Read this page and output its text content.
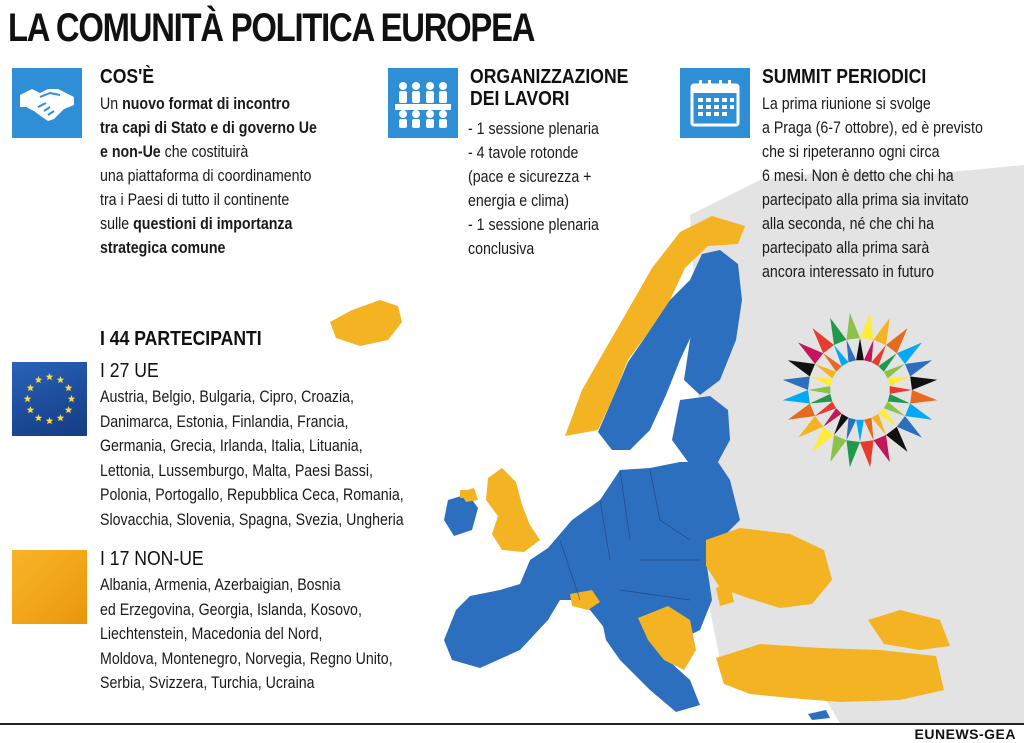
LA COMUNITÀ POLITICA EUROPEA
COS'È
Un nuovo format di incontro
tra capi di Stato e di governo Ue
e non-Ue che costituirà
una piattaforma di coordinamento
tra i Paesi di tutto il continente
sulle questioni di importanza
strategica comune
ORGANIZZAZIONE
DEI LAVORI
- 1 sessione plenaria
- 4 tavole rotonde
(pace e sicurezza +
energia e clima)
- 1 sessione plenaria
conclusiva
SUMMIT PERIODICI
La prima riunione si svolge
a Praga (6-7 ottobre), ed è previsto
che si ripeteranno ogni circa
6 mesi. Non è detto che chi ha
partecipato alla prima sia invitato
alla seconda, né che chi ha
partecipato alla prima sarà
ancora interessato in futuro
I 44 PARTECIPANTI
I 27 UE
Austria, Belgio, Bulgaria, Cipro, Croazia,
Danimarca, Estonia, Finlandia, Francia,
Germania, Grecia, Irlanda, Italia, Lituania,
Lettonia, Lussemburgo, Malta, Paesi Bassi,
Polonia, Portogallo, Repubblica Ceca, Romania,
Slovacchia, Slovenia, Spagna, Svezia, Ungheria
I 17 NON-UE
Albania, Armenia, Azerbaigian, Bosnia
ed Erzegovina, Georgia, Islanda, Kosovo,
Liechtenstein, Macedonia del Nord,
Moldova, Montenegro, Norvegia, Regno Unito,
Serbia, Svizzera, Turchia, Ucraina
EUNEWS-GEA
